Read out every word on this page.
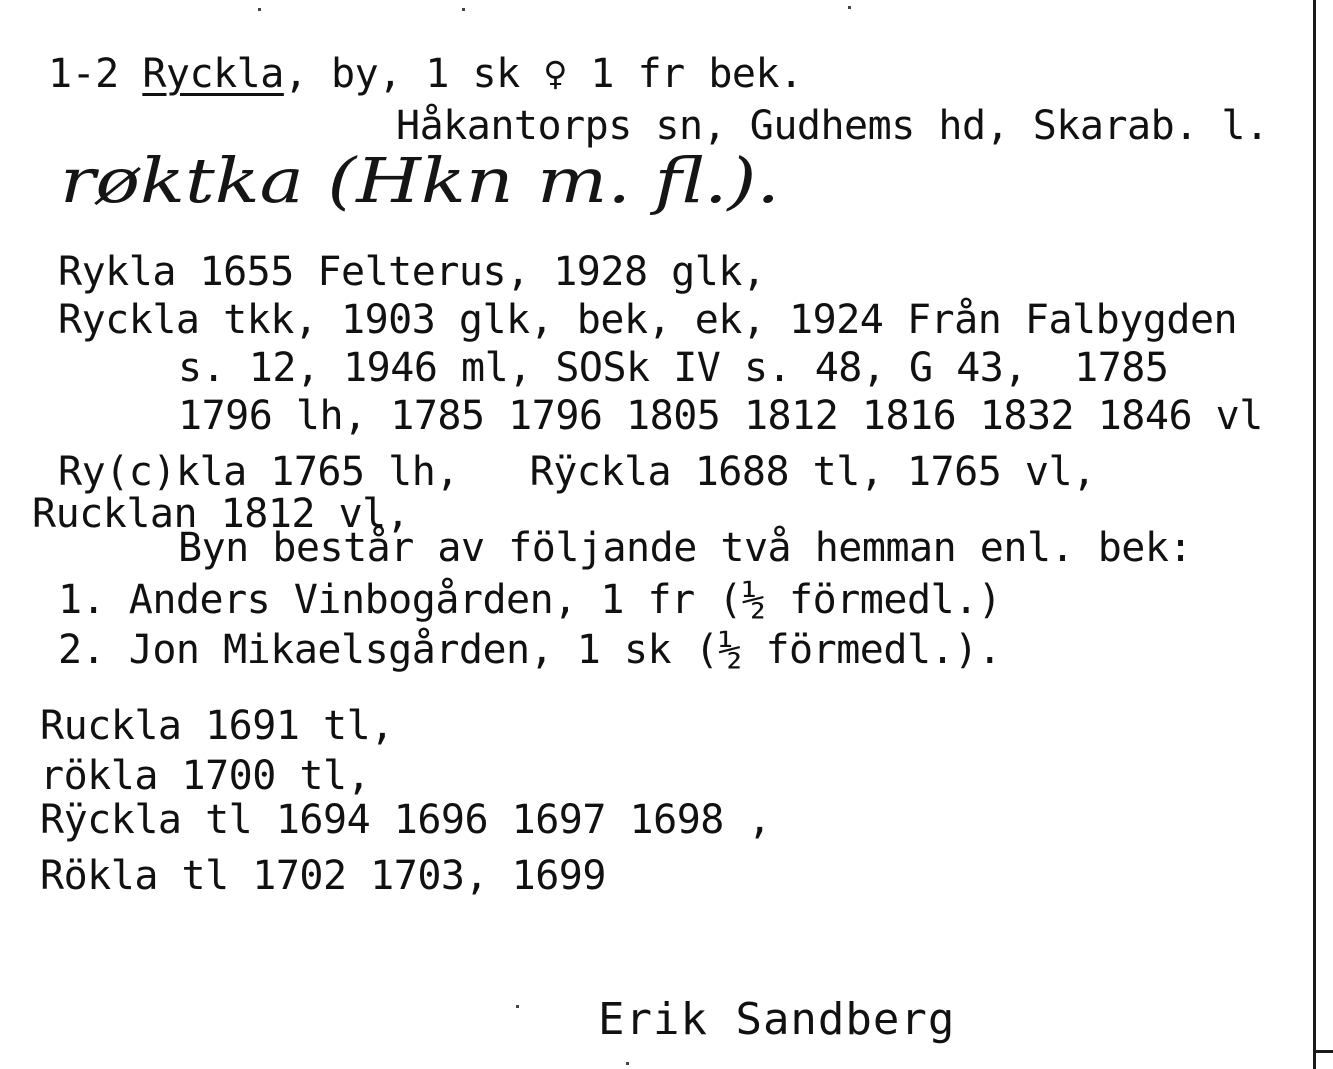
1-2 Ryckla, by, 1 sk ♀ 1 fr bek.
Håkantorps sn, Gudhems hd, Skarab. l.
røktka (Hkn m. fl.).
Rykla 1655 Felterus, 1928 glk,
Ryckla tkk, 1903 glk, bek, ek, 1924 Från Falbygden
s. 12, 1946 ml, SOSk IV s. 48, G 43,  1785
1796 lh, 1785 1796 1805 1812 1816 1832 1846 vl
Ry(c)kla 1765 lh,   Rÿckla 1688 tl, 1765 vl,
Rucklan 1812 vl,
Byn består av följande två hemman enl. bek:
1. Anders Vinbogården, 1 fr (½ förmedl.)
2. Jon Mikaelsgården, 1 sk (½ förmedl.).
Ruckla 1691 tl,
rökla 1700 tl,
Rÿckla tl 1694 1696 1697 1698 ,
Rökla tl 1702 1703, 1699
Erik Sandberg
